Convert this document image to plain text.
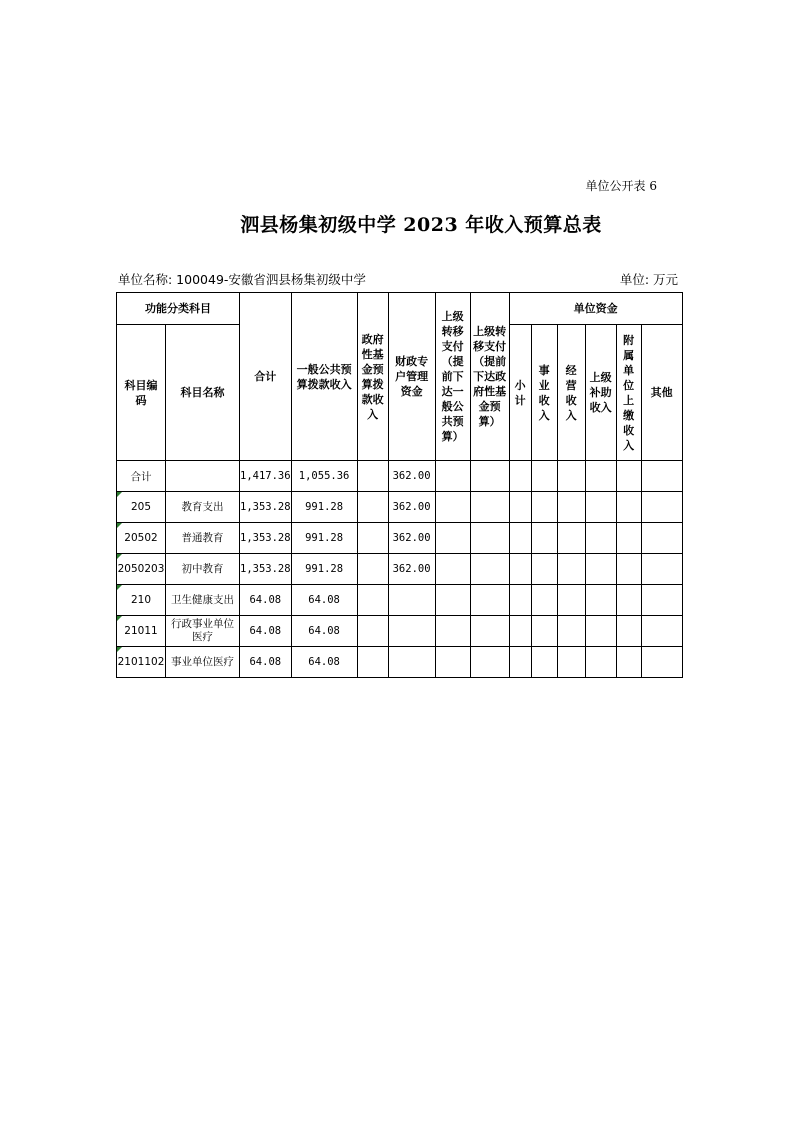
单位公开表 6
泗县杨集初级中学 2023 年收入预算总表
单位名称: 100049-安徽省泗县杨集初级中学	单位: 万元
功能分类科目		合计	一般公共预算拨款收入	政府性基金预算拨款收入	财政专户管理资金	上级转移支付（提前下达一般公共预算）	上级转移支付（提前下达政府性基金预算）	单位资金					

科目编码	科目名称							小计	事业收入	经营收入	上级补助收入	附属单位上缴收入	其他
合计		1,417.36	1,055.36		362.00								
205	教育支出	1,353.28	991.28		362.00								
20502	普通教育	1,353.28	991.28		362.00								
2050203	初中教育	1,353.28	991.28		362.00								
210	卫生健康支出	64.08	64.08										
21011	行政事业单位医疗	64.08	64.08										
2101102	事业单位医疗	64.08	64.08										
